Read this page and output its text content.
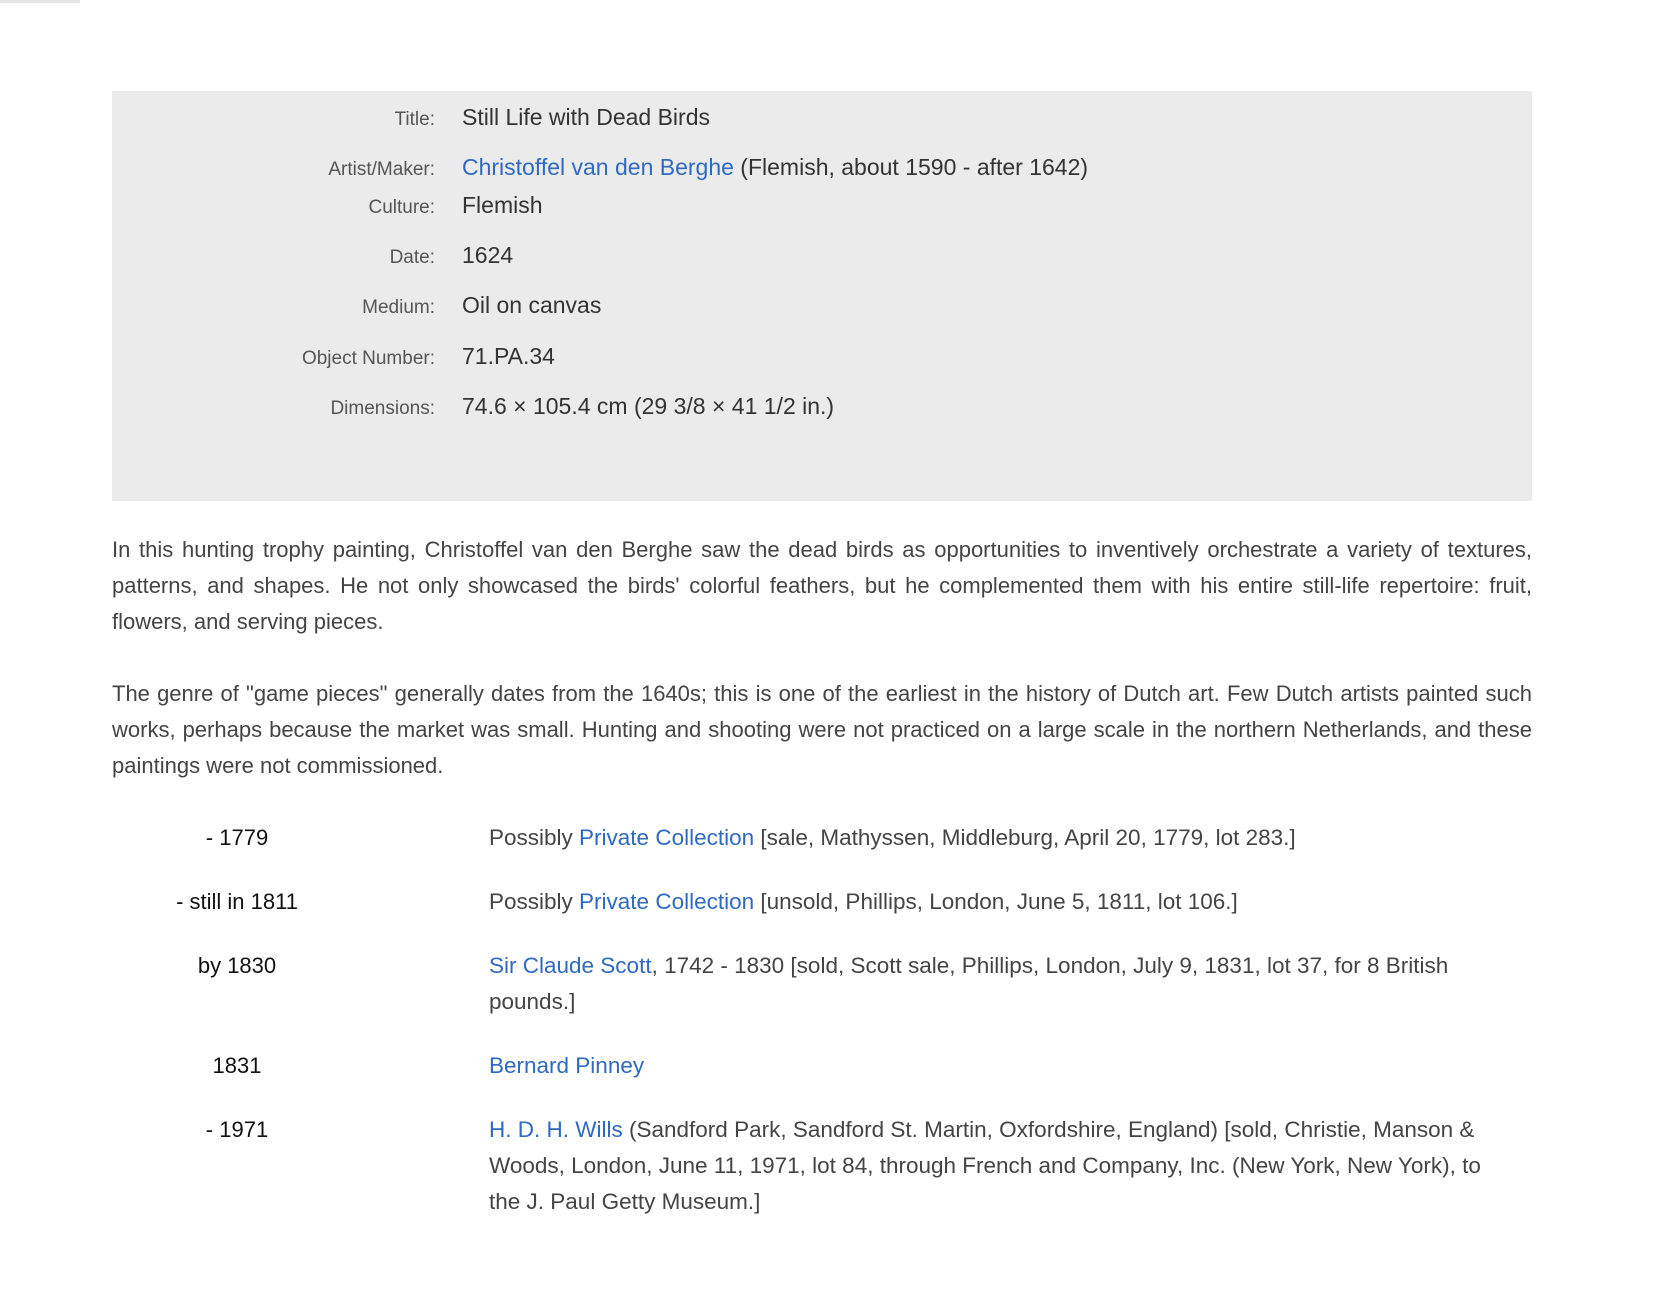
Title:	Still Life with Dead Birds
Artist/Maker:	Christoffel van den Berghe (Flemish, about 1590 - after 1642)
Culture:	Flemish
Date:	1624
Medium:	Oil on canvas
Object Number:	71.PA.34
Dimensions:	74.6 × 105.4 cm (29 3/8 × 41 1/2 in.)

In this hunting trophy painting, Christoffel van den Berghe saw the dead birds as opportunities to inventively orchestrate a variety of textures, patterns, and shapes. He not only showcased the birds' colorful feathers, but he complemented them with his entire still-life repertoire: fruit, flowers, and serving pieces.

The genre of "game pieces" generally dates from the 1640s; this is one of the earliest in the history of Dutch art. Few Dutch artists painted such works, perhaps because the market was small. Hunting and shooting were not practiced on a large scale in the northern Netherlands, and these paintings were not commissioned.

- 1779	Possibly Private Collection [sale, Mathyssen, Middleburg, April 20, 1779, lot 283.]
- still in 1811	Possibly Private Collection [unsold, Phillips, London, June 5, 1811, lot 106.]
by 1830	Sir Claude Scott, 1742 - 1830 [sold, Scott sale, Phillips, London, July 9, 1831, lot 37, for 8 British pounds.]
1831	Bernard Pinney
- 1971	H. D. H. Wills (Sandford Park, Sandford St. Martin, Oxfordshire, England) [sold, Christie, Manson & Woods, London, June 11, 1971, lot 84, through French and Company, Inc. (New York, New York), to the J. Paul Getty Museum.]
